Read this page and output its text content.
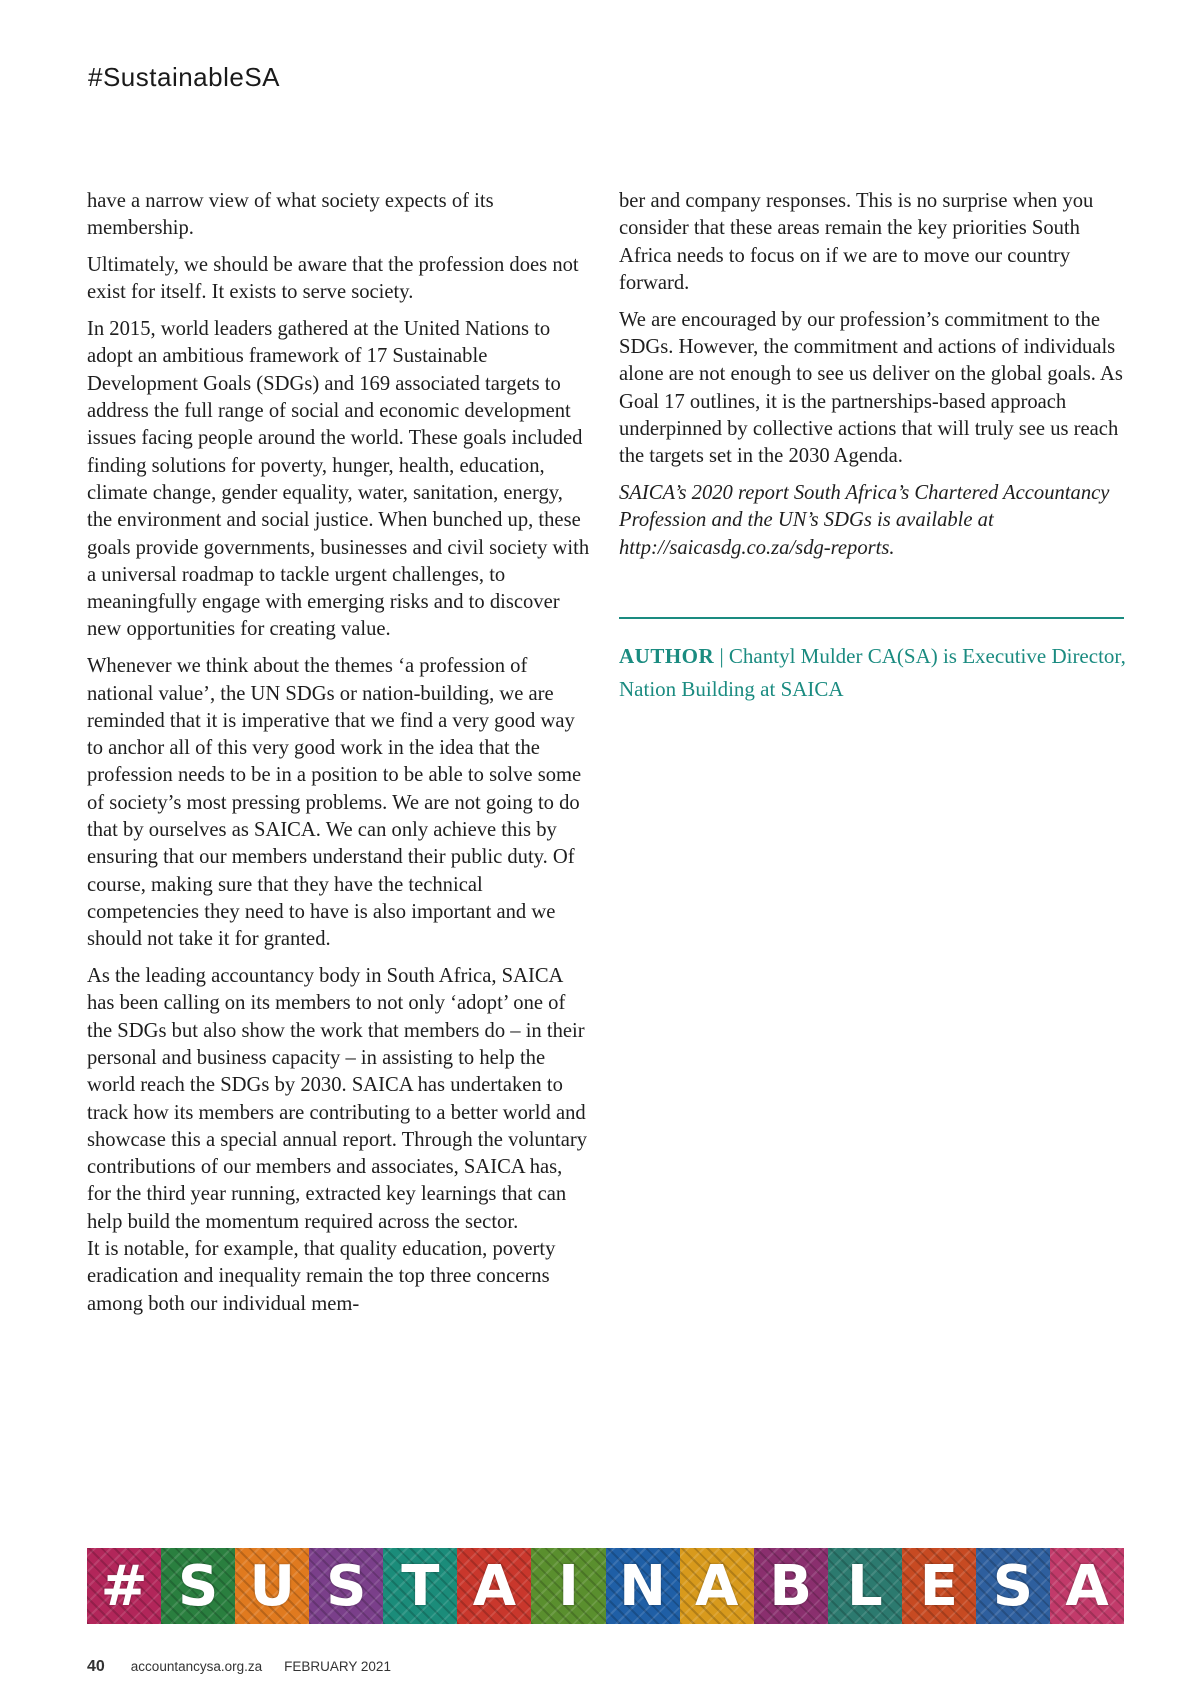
#SustainableSA

have a narrow view of what society expects of its membership.

Ultimately, we should be aware that the profession does not exist for itself. It exists to serve society.

In 2015, world leaders gathered at the United Nations to adopt an ambitious framework of 17 Sustainable Development Goals (SDGs) and 169 associated targets to address the full range of social and economic development issues facing people around the world. These goals included finding solutions for poverty, hunger, health, education, climate change, gender equality, water, sanitation, energy, the environment and social justice. When bunched up, these goals provide governments, businesses and civil society with a universal roadmap to tackle urgent challenges, to meaningfully engage with emerging risks and to discover new opportunities for creating value.

Whenever we think about the themes ‘a profession of national value’, the UN SDGs or nation-building, we are reminded that it is imperative that we find a very good way to anchor all of this very good work in the idea that the profession needs to be in a position to be able to solve some of society’s most pressing problems. We are not going to do that by ourselves as SAICA. We can only achieve this by ensuring that our members understand their public duty. Of course, making sure that they have the technical competencies they need to have is also important and we should not take it for granted.

As the leading accountancy body in South Africa, SAICA has been calling on its members to not only ‘adopt’ one of the SDGs but also show the work that members do – in their personal and business capacity – in assisting to help the world reach the SDGs by 2030. SAICA has undertaken to track how its members are contributing to a better world and showcase this a special annual report. Through the voluntary contributions of our members and associates, SAICA has, for the third year running, extracted key learnings that can help build the momentum required across the sector.

It is notable, for example, that quality education, poverty eradication and inequality remain the top three concerns among both our individual mem-

ber and company responses. This is no surprise when you consider that these areas remain the key priorities South Africa needs to focus on if we are to move our country forward.

We are encouraged by our profession’s commitment to the SDGs. However, the commitment and actions of individuals alone are not enough to see us deliver on the global goals. As Goal 17 outlines, it is the partnerships-based approach underpinned by collective actions that will truly see us reach the targets set in the 2030 Agenda.

SAICA’s 2020 report South Africa’s Chartered Accountancy Profession and the UN’s SDGs is available at http://saicasdg.co.za/sdg-reports.

AUTHOR | Chantyl Mulder CA(SA) is Executive Director, Nation Building at SAICA
# S U S T A I N A B L E S A
40 accountancysa.org.za FEBRUARY 2021
